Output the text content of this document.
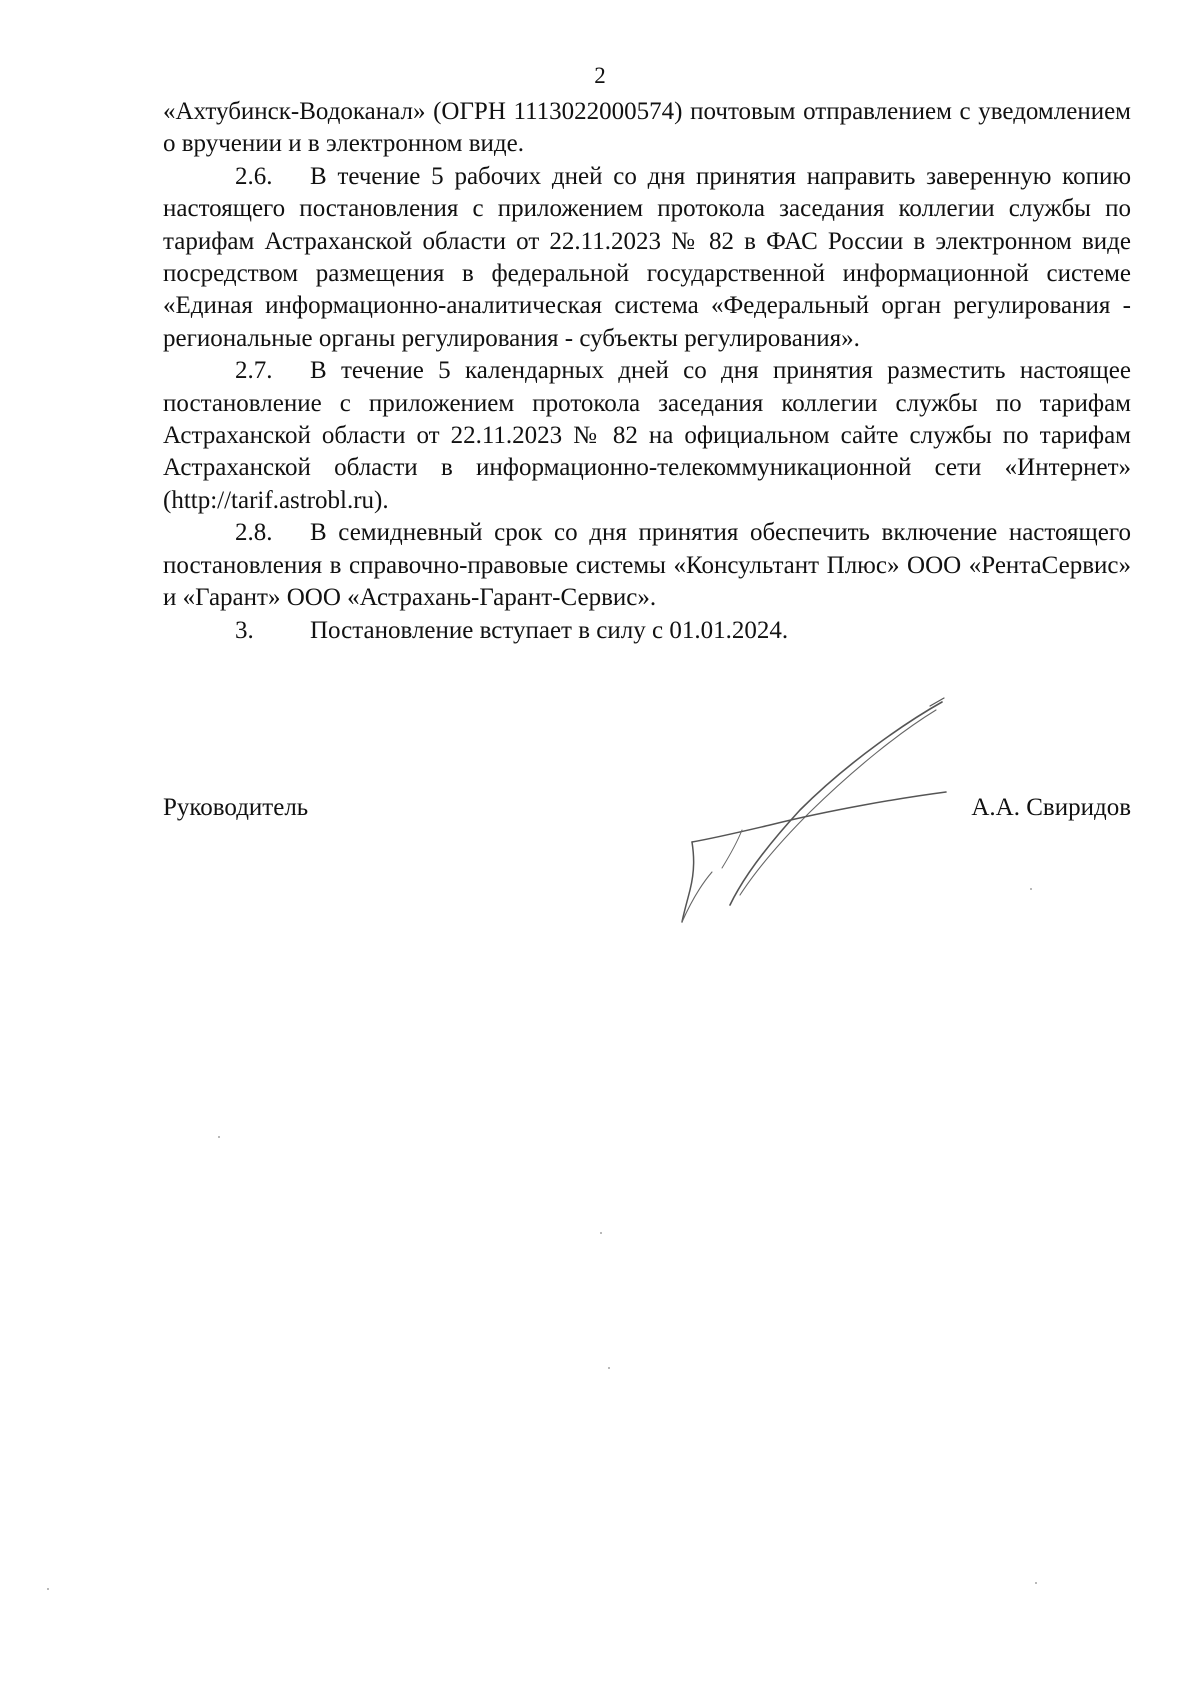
2

«Ахтубинск-Водоканал» (ОГРН 1113022000574) почтовым отправлением с уведомлением о вручении и в электронном виде.

2.6. В течение 5 рабочих дней со дня принятия направить заверенную копию настоящего постановления с приложением протокола заседания коллегии службы по тарифам Астраханской области от 22.11.2023 № 82 в ФАС России в электронном виде посредством размещения в федеральной государственной информационной системе «Единая информационно-аналитическая система «Федеральный орган регулирования - региональные органы регулирования - субъекты регулирования».

2.7. В течение 5 календарных дней со дня принятия разместить настоящее постановление с приложением протокола заседания коллегии службы по тарифам Астраханской области от 22.11.2023 № 82 на официальном сайте службы по тарифам Астраханской области в информационно-телекоммуникационной сети «Интернет» (http://tarif.astrobl.ru).

2.8. В семидневный срок со дня принятия обеспечить включение настоящего постановления в справочно-правовые системы «Консультант Плюс» ООО «РентаСервис» и «Гарант» ООО «Астрахань-Гарант-Сервис».

3. Постановление вступает в силу с 01.01.2024.

Руководитель	А.А. Свиридов
